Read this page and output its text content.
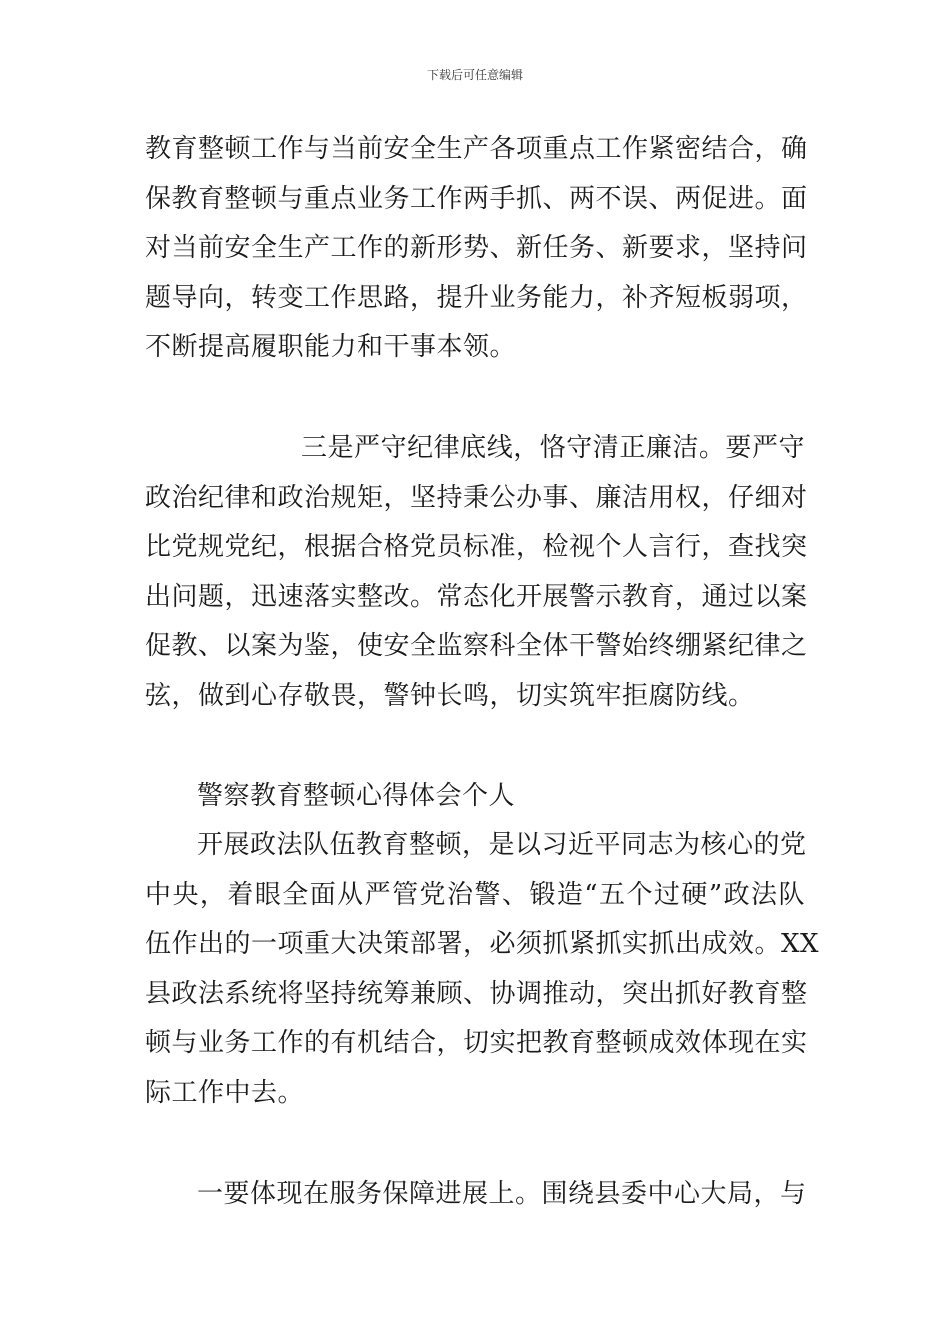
下载后可任意编辑
教育整顿工作与当前安全生产各项重点工作紧密结合，确
保教育整顿与重点业务工作两手抓、两不误、两促进。面
对当前安全生产工作的新形势、新任务、新要求，坚持问
题导向，转变工作思路，提升业务能力，补齐短板弱项，
不断提高履职能力和干事本领。
三是严守纪律底线，恪守清正廉洁。要严守
政治纪律和政治规矩，坚持秉公办事、廉洁用权，仔细对
比党规党纪，根据合格党员标准，检视个人言行，查找突
出问题，迅速落实整改。常态化开展警示教育，通过以案
促教、以案为鉴，使安全监察科全体干警始终绷紧纪律之
弦，做到心存敬畏，警钟长鸣，切实筑牢拒腐防线。
警察教育整顿心得体会个人
开展政法队伍教育整顿，是以习近平同志为核心的党
中央，着眼全面从严管党治警、锻造“五个过硬”政法队
伍作出的一项重大决策部署，必须抓紧抓实抓出成效。XX
县政法系统将坚持统筹兼顾、协调推动，突出抓好教育整
顿与业务工作的有机结合，切实把教育整顿成效体现在实
际工作中去。
一要体现在服务保障进展上。围绕县委中心大局，与
